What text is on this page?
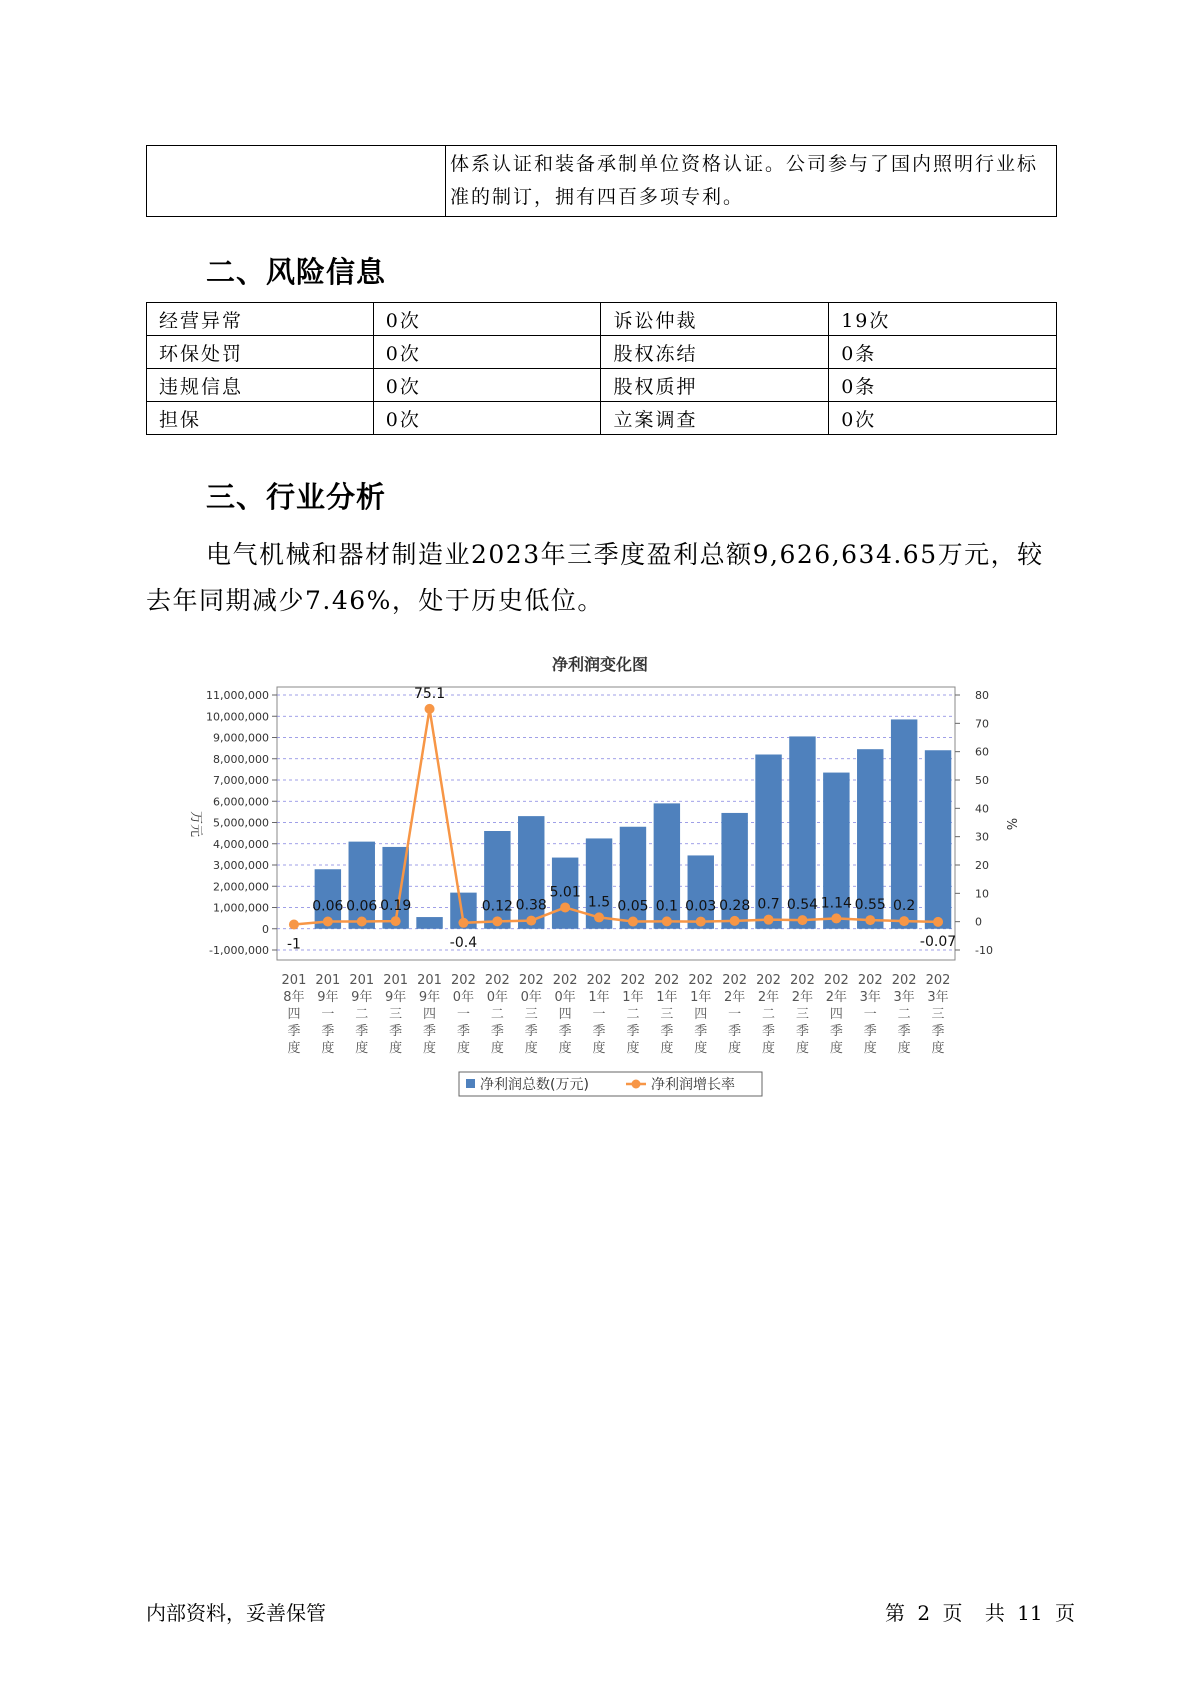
	体系认证和装备承制单位资格认证。公司参与了国内照明行业标准的制订，拥有四百多项专利。
二、风险信息
经营异常	0次	诉讼仲裁	19次
环保处罚	0次	股权冻结	0条
违规信息	0次	股权质押	0条
担保	0次	立案调查	0次
三、行业分析
电气机械和器材制造业2023年三季度盈利总额9,626,634.65万元，较去年同期减少7.46%，处于历史低位。
净利润变化图
11,000,000
10,000,000
9,000,000
8,000,000
7,000,000
6,000,000
5,000,000
4,000,000
3,000,000
2,000,000
1,000,000
0
-1,000,000
80
70
60
50
40
30
20
10
0
-10
万元	%
-1
0.06 0.06 0.19
75.1
-0.4
0.12 0.38
5.01
1.5 0.05 0.1 0.03 0.28 0.7 0.54 1.14 0.55 0.2
-0.07
201 8年四季度
201 9年一季度
201 9年二季度
201 9年三季度
201 9年四季度
202 0年一季度
202 0年二季度
202 0年三季度
202 0年四季度
202 1年一季度
202 1年二季度
202 1年三季度
202 1年四季度
202 2年一季度
202 2年二季度
202 2年三季度
202 2年四季度
202 3年一季度
202 3年二季度
202 3年三季度
净利润总数(万元)	净利润增长率
内部资料，妥善保管	第 2 页 共 11 页
